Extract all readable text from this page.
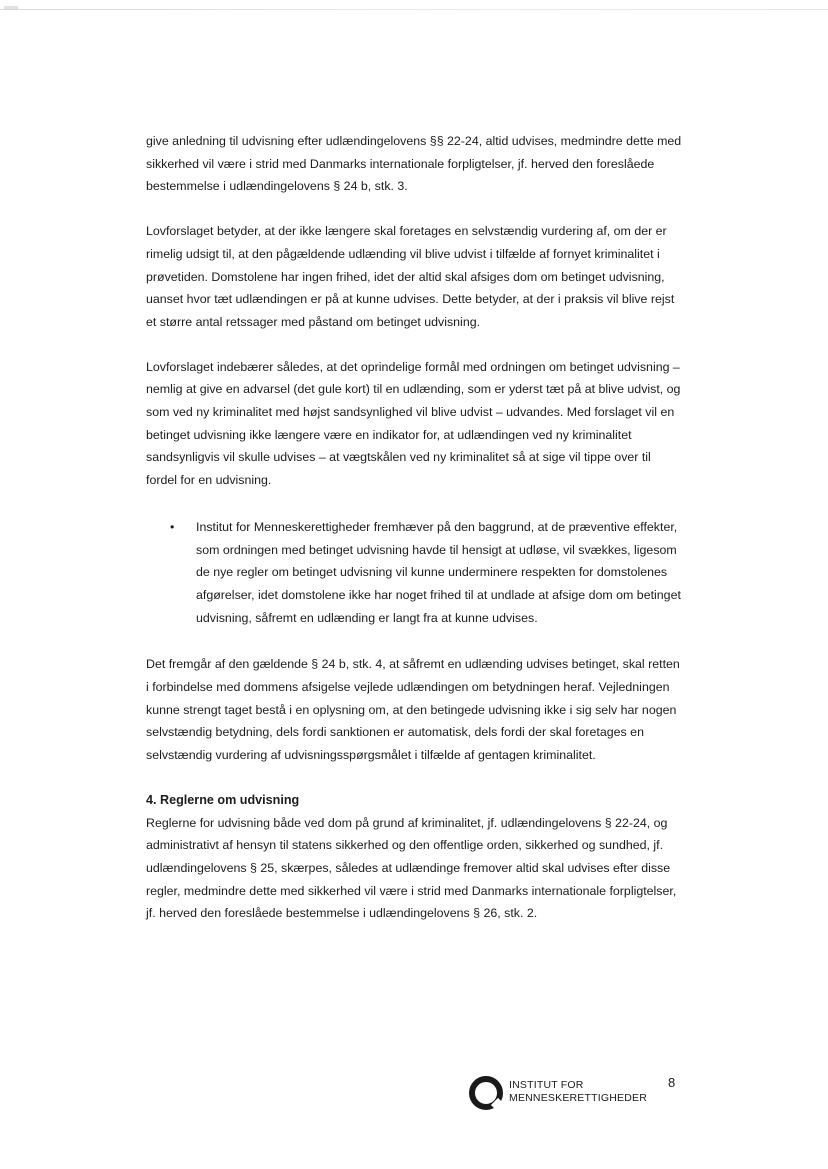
give anledning til udvisning efter udlændingelovens §§ 22-24, altid udvises, medmindre dette med sikkerhed vil være i strid med Danmarks internationale forpligtelser, jf. herved den foreslåede bestemmelse i udlændingelovens § 24 b, stk. 3.

Lovforslaget betyder, at der ikke længere skal foretages en selvstændig vurdering af, om der er rimelig udsigt til, at den pågældende udlænding vil blive udvist i tilfælde af fornyet kriminalitet i prøvetiden. Domstolene har ingen frihed, idet der altid skal afsiges dom om betinget udvisning, uanset hvor tæt udlændingen er på at kunne udvises. Dette betyder, at der i praksis vil blive rejst et større antal retssager med påstand om betinget udvisning.

Lovforslaget indebærer således, at det oprindelige formål med ordningen om betinget udvisning – nemlig at give en advarsel (det gule kort) til en udlænding, som er yderst tæt på at blive udvist, og som ved ny kriminalitet med højst sandsynlighed vil blive udvist – udvandes. Med forslaget vil en betinget udvisning ikke længere være en indikator for, at udlændingen ved ny kriminalitet sandsynligvis vil skulle udvises – at vægtskålen ved ny kriminalitet så at sige vil tippe over til fordel for en udvisning.

• Institut for Menneskerettigheder fremhæver på den baggrund, at de præventive effekter, som ordningen med betinget udvisning havde til hensigt at udløse, vil svækkes, ligesom de nye regler om betinget udvisning vil kunne underminere respekten for domstolenes afgørelser, idet domstolene ikke har noget frihed til at undlade at afsige dom om betinget udvisning, såfremt en udlænding er langt fra at kunne udvises.

Det fremgår af den gældende § 24 b, stk. 4, at såfremt en udlænding udvises betinget, skal retten i forbindelse med dommens afsigelse vejlede udlændingen om betydningen heraf. Vejledningen kunne strengt taget bestå i en oplysning om, at den betingede udvisning ikke i sig selv har nogen selvstændig betydning, dels fordi sanktionen er automatisk, dels fordi der skal foretages en selvstændig vurdering af udvisningsspørgsmålet i tilfælde af gentagen kriminalitet.

4. Reglerne om udvisning

Reglerne for udvisning både ved dom på grund af kriminalitet, jf. udlændingelovens § 22-24, og administrativt af hensyn til statens sikkerhed og den offentlige orden, sikkerhed og sundhed, jf. udlændingelovens § 25, skærpes, således at udlændinge fremover altid skal udvises efter disse regler, medmindre dette med sikkerhed vil være i strid med Danmarks internationale forpligtelser, jf. herved den foreslåede bestemmelse i udlændingelovens § 26, stk. 2.

INSTITUT FOR
MENNESKERETTIGHEDER
8
